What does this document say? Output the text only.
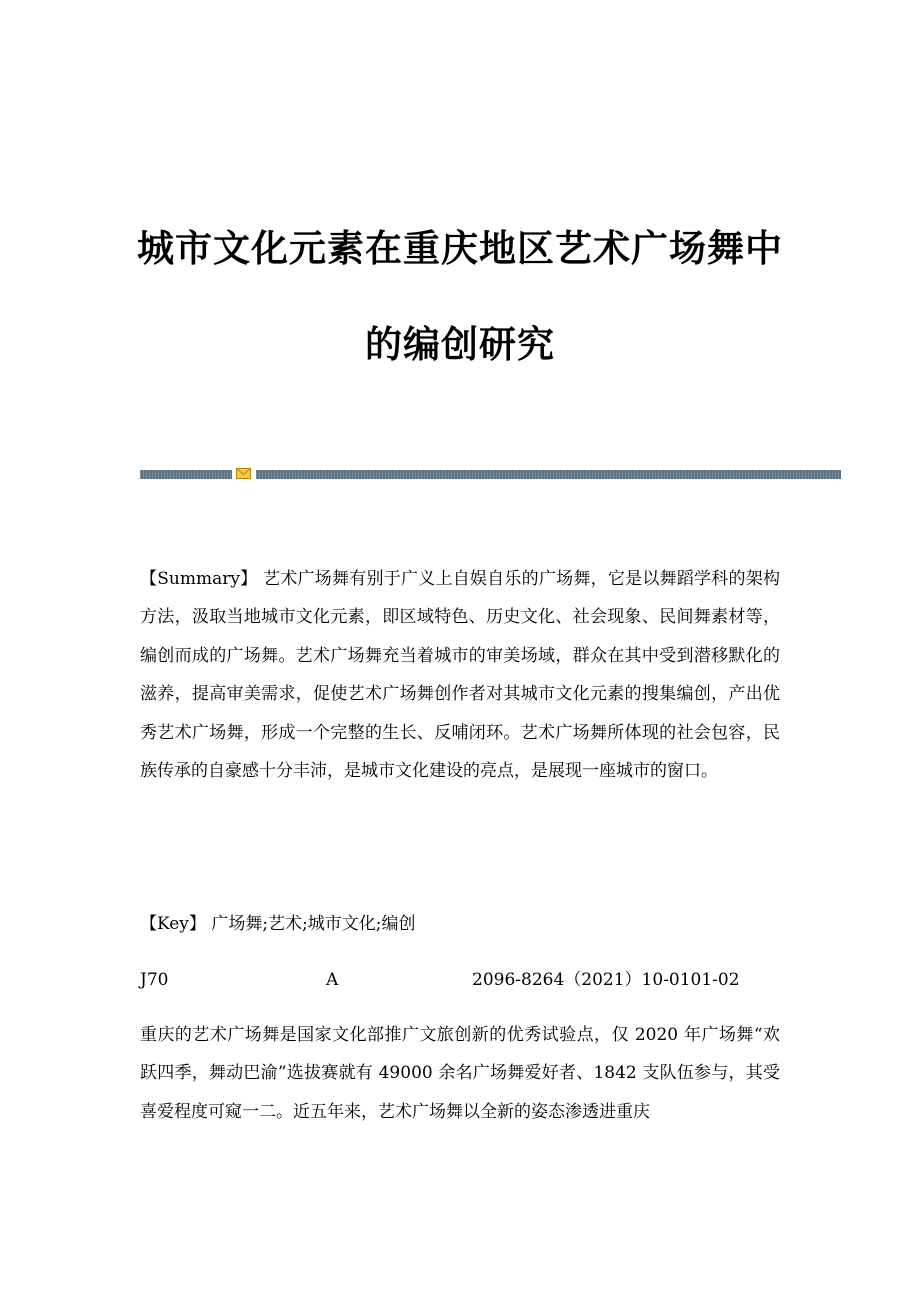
城市文化元素在重庆地区艺术广场舞中
的编创研究

【Summary】 艺术广场舞有别于广义上自娱自乐的广场舞，它是以舞蹈学科的架构方法，汲取当地城市文化元素，即区域特色、历史文化、社会现象、民间舞素材等，编创而成的广场舞。艺术广场舞充当着城市的审美场域，群众在其中受到潜移默化的滋养，提高审美需求，促使艺术广场舞创作者对其城市文化元素的搜集编创，产出优秀艺术广场舞，形成一个完整的生长、反哺闭环。艺术广场舞所体现的社会包容，民族传承的自豪感十分丰沛，是城市文化建设的亮点，是展现一座城市的窗口。

【Key】 广场舞;艺术;城市文化;编创

J70	A	2096-8264（2021）10-0101-02

重庆的艺术广场舞是国家文化部推广文旅创新的优秀试验点，仅 2020 年广场舞“欢跃四季，舞动巴渝”选拔赛就有 49000 余名广场舞爱好者、1842 支队伍参与，其受喜爱程度可窥一二。近五年来，艺术广场舞以全新的姿态渗透进重庆
